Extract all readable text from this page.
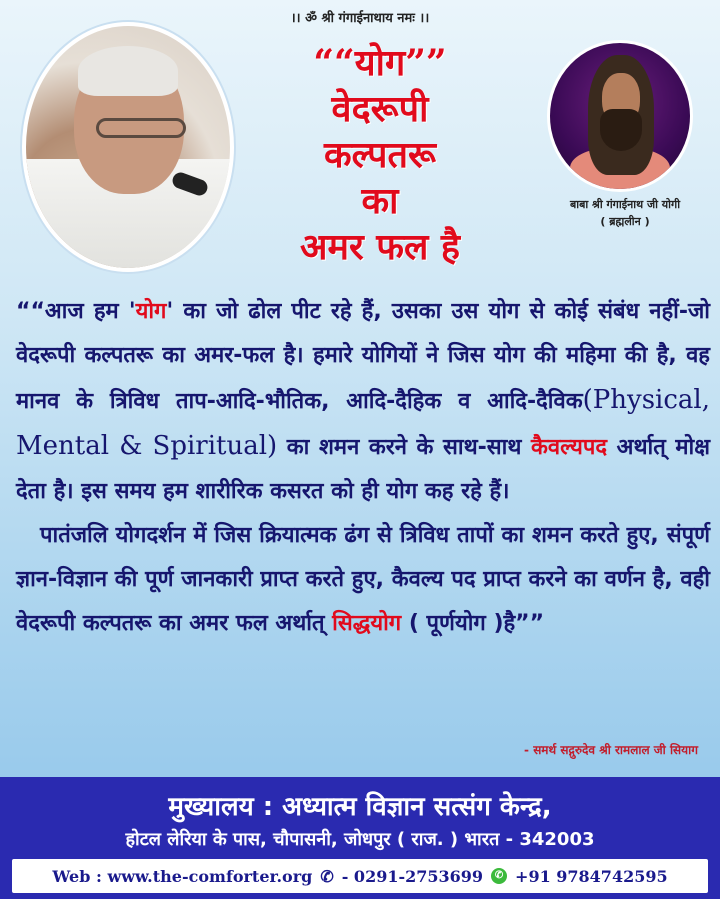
।। ॐ श्री गंगाईनाथाय नमः ।।
““योग””
वेदरूपी
कल्पतरू
का
अमर फल है
बाबा श्री गंगाईनाथ जी योगी
( ब्रह्मलीन )

““आज हम 'योग' का जो ढोल पीट रहे हैं, उसका उस योग से कोई संबंध नहीं-जो वेदरूपी कल्पतरू का अमर-फल है। हमारे योगियों ने जिस योग की महिमा की है, वह मानव के त्रिविध ताप-आदि-भौतिक, आदि-दैहिक व आदि-दैविक(Physical, Mental & Spiritual) का शमन करने के साथ-साथ कैवल्यपद अर्थात् मोक्ष देता है। इस समय हम शारीरिक कसरत को ही योग कह रहे हैं।

पातंजलि योगदर्शन में जिस क्रियात्मक ढंग से त्रिविध तापों का शमन करते हुए, संपूर्ण ज्ञान-विज्ञान की पूर्ण जानकारी प्राप्त करते हुए, कैवल्य पद प्राप्त करने का वर्णन है, वही वेदरूपी कल्पतरू का अमर फल अर्थात् सिद्धयोग ( पूर्णयोग )है””

- समर्थ सद्गुरुदेव श्री रामलाल जी सियाग
मुख्यालय : अध्यात्म विज्ञान सत्संग केन्द्र,
होटल लेरिया के पास, चौपासनी, जोधपुर ( राज. ) भारत - 342003
Web : www.the-comforter.org ✆ - 0291-2753699	✆ +91 9784742595
